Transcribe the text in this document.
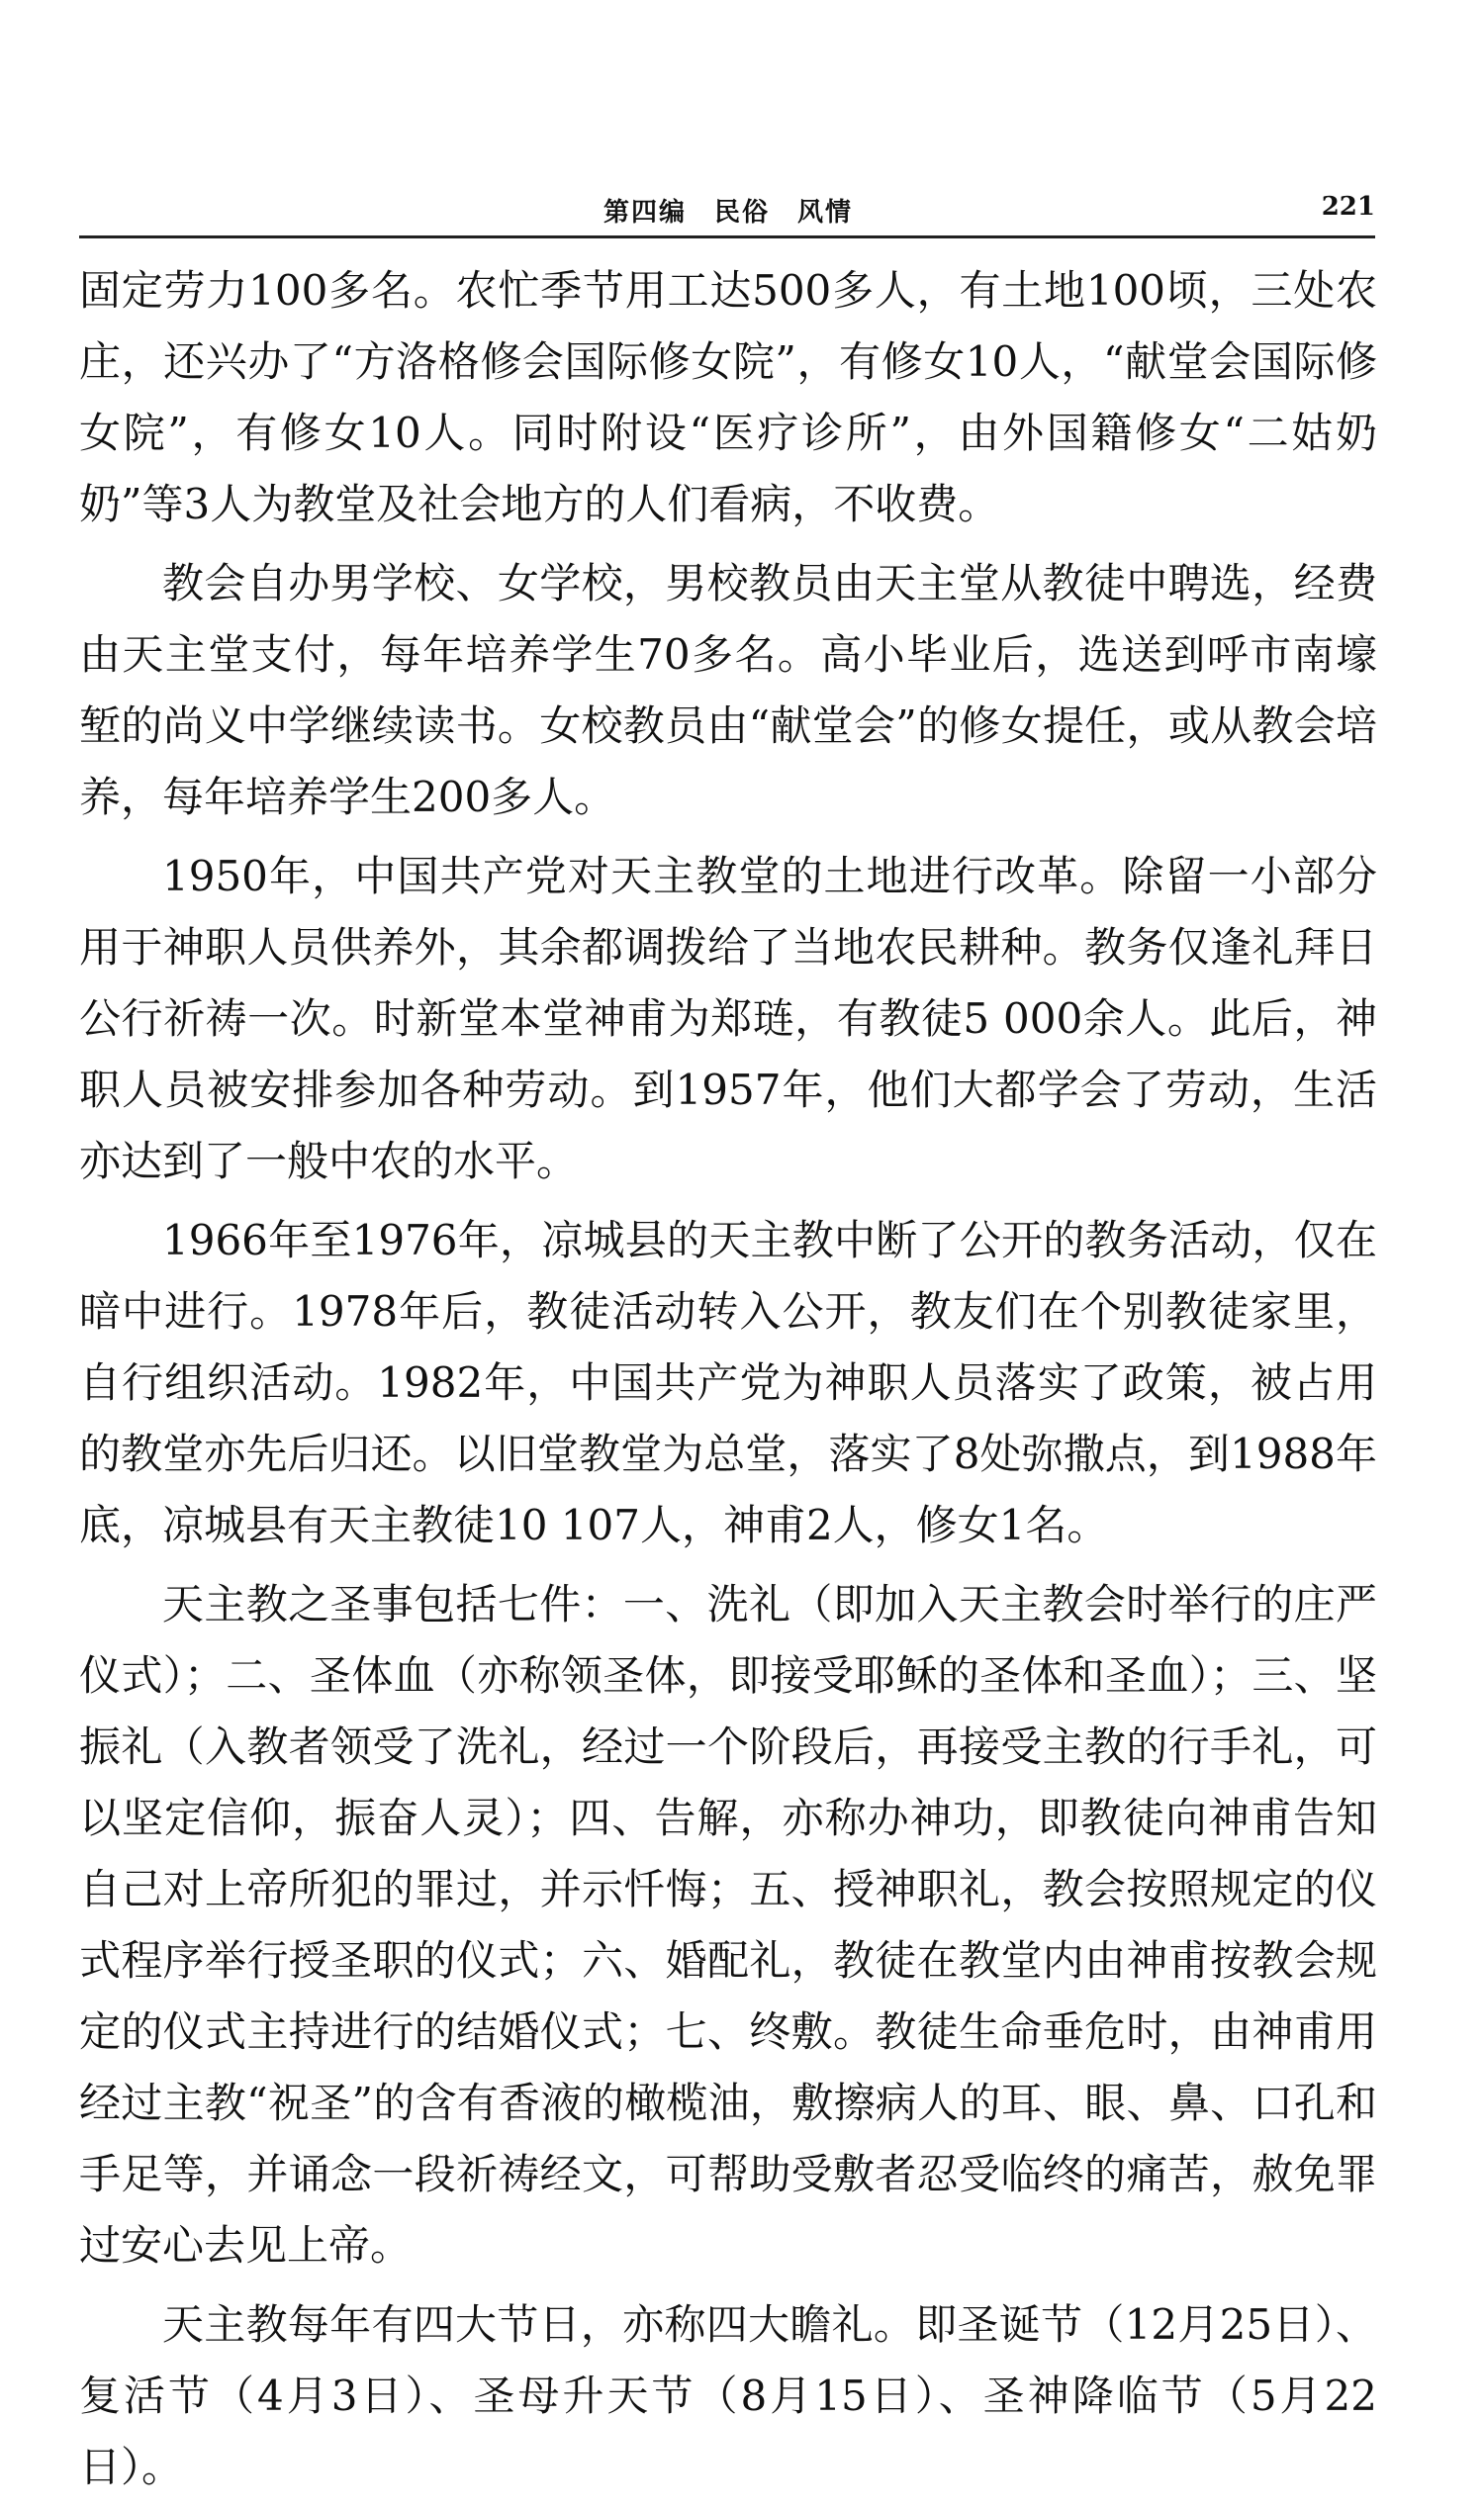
第四编　民俗　风情	221

固定劳力100多名。农忙季节用工达500多人，有土地100顷，三处农庄，还兴办了“方洛格修会国际修女院”，有修女10人，“献堂会国际修女院”，有修女10人。同时附设“医疗诊所”，由外国籍修女“二姑奶奶”等3人为教堂及社会地方的人们看病，不收费。

教会自办男学校、女学校，男校教员由天主堂从教徒中聘选，经费由天主堂支付，每年培养学生70多名。高小毕业后，选送到呼市南壕堑的尚义中学继续读书。女校教员由“献堂会”的修女提任，或从教会培养，每年培养学生200多人。

1950年，中国共产党对天主教堂的土地进行改革。除留一小部分用于神职人员供养外，其余都调拨给了当地农民耕种。教务仅逢礼拜日公行祈祷一次。时新堂本堂神甫为郑琏，有教徒5 000余人。此后，神职人员被安排参加各种劳动。到1957年，他们大都学会了劳动，生活亦达到了一般中农的水平。

1966年至1976年，凉城县的天主教中断了公开的教务活动，仅在暗中进行。1978年后，教徒活动转入公开，教友们在个别教徒家里，自行组织活动。1982年，中国共产党为神职人员落实了政策，被占用的教堂亦先后归还。以旧堂教堂为总堂，落实了8处弥撒点，到1988年底，凉城县有天主教徒10 107人，神甫2人，修女1名。

天主教之圣事包括七件：一、洗礼（即加入天主教会时举行的庄严仪式）；二、圣体血（亦称领圣体，即接受耶稣的圣体和圣血）；三、坚振礼（入教者领受了洗礼，经过一个阶段后，再接受主教的行手礼，可以坚定信仰，振奋人灵）；四、告解，亦称办神功，即教徒向神甫告知自己对上帝所犯的罪过，并示忏悔；五、授神职礼，教会按照规定的仪式程序举行授圣职的仪式；六、婚配礼，教徒在教堂内由神甫按教会规定的仪式主持进行的结婚仪式；七、终敷。教徒生命垂危时，由神甫用经过主教“祝圣”的含有香液的橄榄油，敷擦病人的耳、眼、鼻、口孔和手足等，并诵念一段祈祷经文，可帮助受敷者忍受临终的痛苦，赦免罪过安心去见上帝。

天主教每年有四大节日，亦称四大瞻礼。即圣诞节（12月25日）、复活节（4月3日）、圣母升天节（8月15日）、圣神降临节（5月22日）。
